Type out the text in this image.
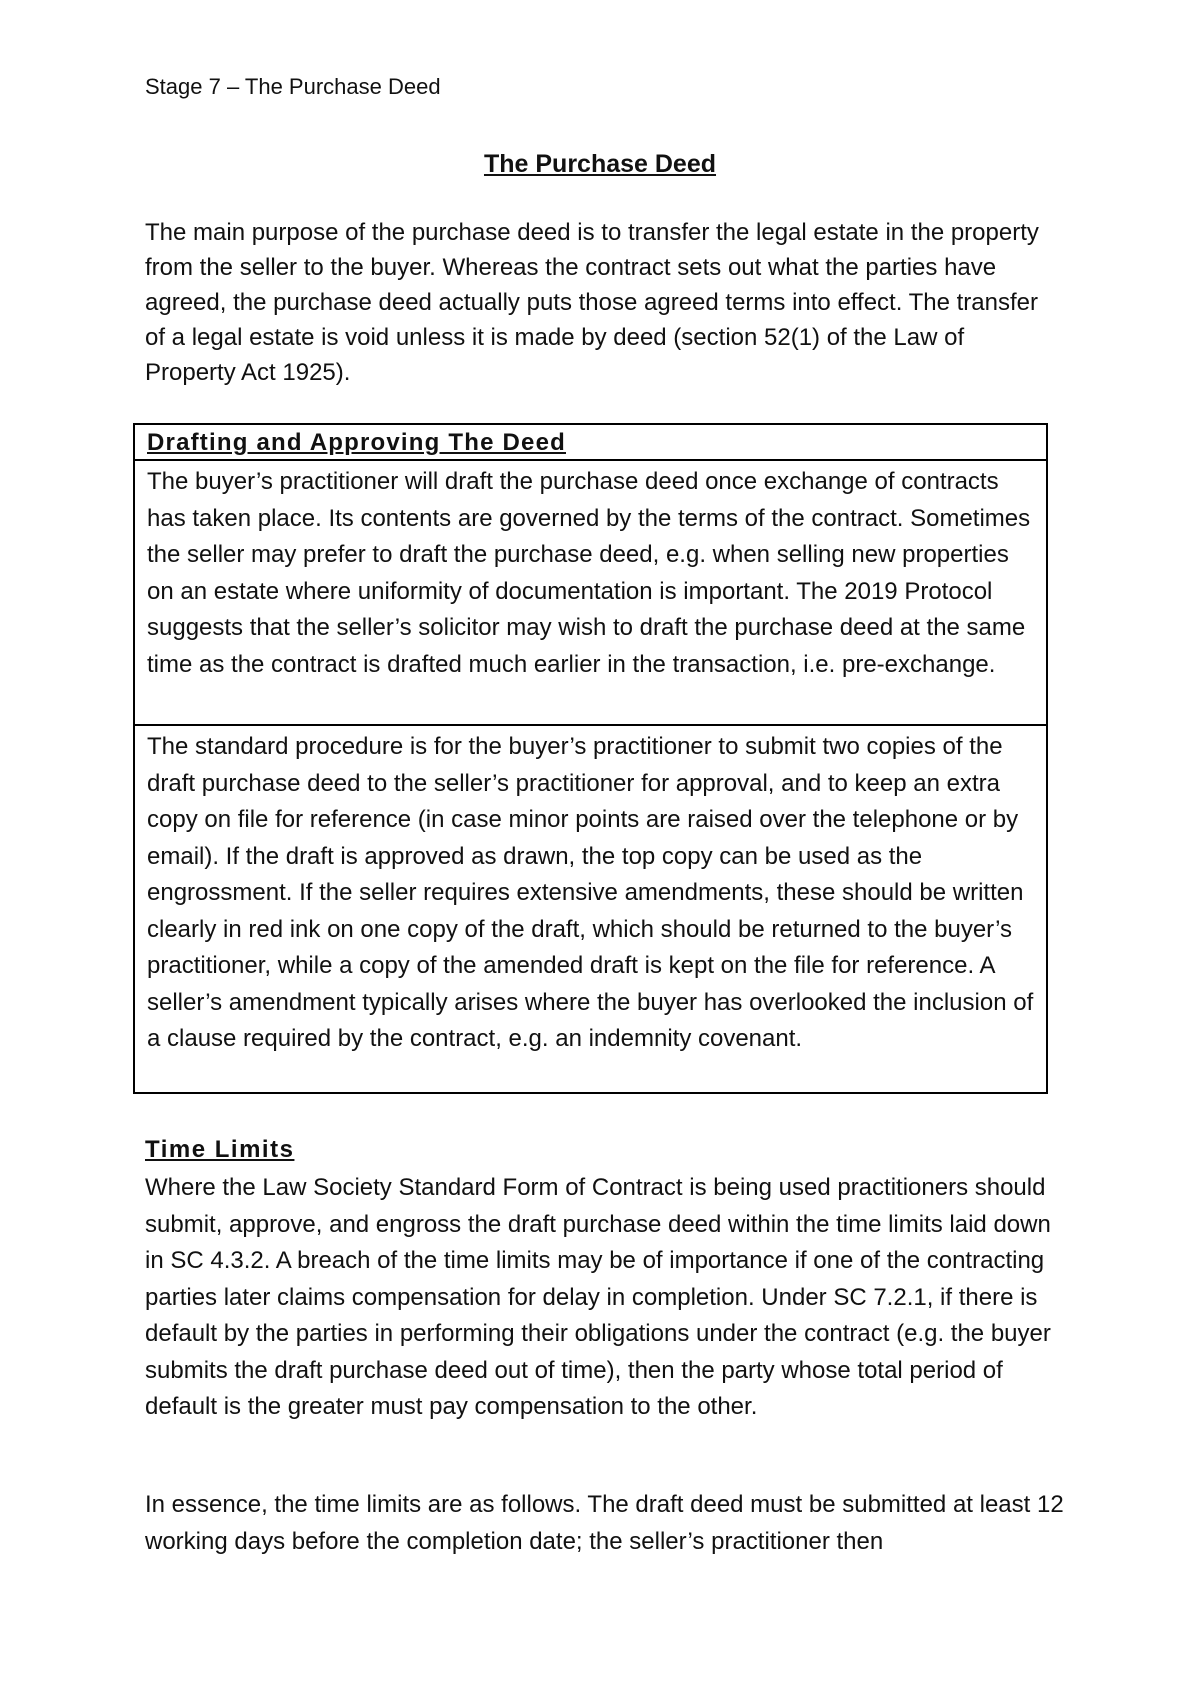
Stage 7 – The Purchase Deed

The Purchase Deed

The main purpose of the purchase deed is to transfer the legal estate in the property from the seller to the buyer. Whereas the contract sets out what the parties have agreed, the purchase deed actually puts those agreed terms into effect. The transfer of a legal estate is void unless it is made by deed (section 52(1) of the Law of Property Act 1925).

Drafting and Approving The Deed
The buyer’s practitioner will draft the purchase deed once exchange of contracts has taken place. Its contents are governed by the terms of the contract. Sometimes the seller may prefer to draft the purchase deed, e.g. when selling new properties on an estate where uniformity of documentation is important. The 2019 Protocol suggests that the seller’s solicitor may wish to draft the purchase deed at the same time as the contract is drafted much earlier in the transaction, i.e. pre-exchange.
The standard procedure is for the buyer’s practitioner to submit two copies of the draft purchase deed to the seller’s practitioner for approval, and to keep an extra copy on file for reference (in case minor points are raised over the telephone or by email). If the draft is approved as drawn, the top copy can be used as the engrossment. If the seller requires extensive amendments, these should be written clearly in red ink on one copy of the draft, which should be returned to the buyer’s practitioner, while a copy of the amended draft is kept on the file for reference. A seller’s amendment typically arises where the buyer has overlooked the inclusion of a clause required by the contract, e.g. an indemnity covenant.
Time Limits

Where the Law Society Standard Form of Contract is being used practitioners should submit, approve, and engross the draft purchase deed within the time limits laid down in SC 4.3.2. A breach of the time limits may be of importance if one of the contracting parties later claims compensation for delay in completion. Under SC 7.2.1, if there is default by the parties in performing their obligations under the contract (e.g. the buyer submits the draft purchase deed out of time), then the party whose total period of default is the greater must pay compensation to the other.

In essence, the time limits are as follows. The draft deed must be submitted at least 12 working days before the completion date; the seller’s practitioner then
